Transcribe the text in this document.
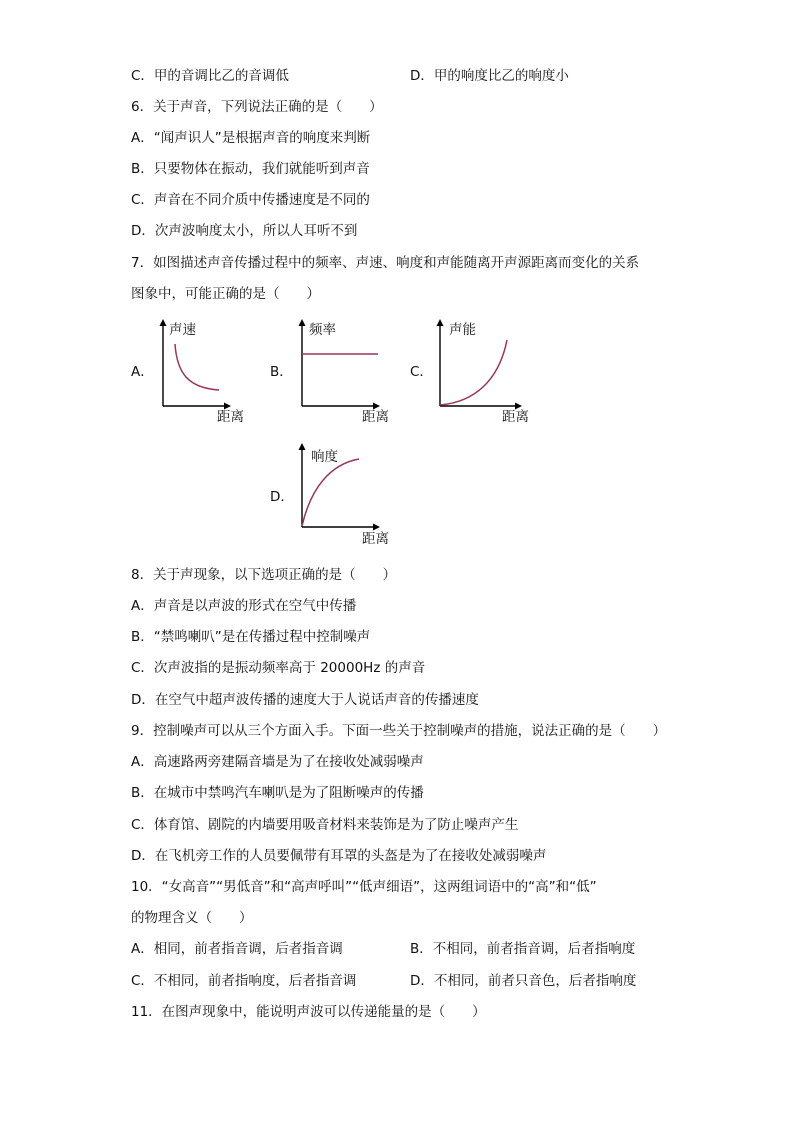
C．甲的音调比乙的音调低	D．甲的响度比乙的响度小
6．关于声音，下列说法正确的是（　　）
A．“闻声识人”是根据声音的响度来判断
B．只要物体在振动，我们就能听到声音
C．声音在不同介质中传播速度是不同的
D．次声波响度太小，所以人耳听不到
7．如图描述声音传播过程中的频率、声速、响度和声能随离开声源距离而变化的关系
图象中，可能正确的是（　　）
A．
声速
距离
B．
频率
距离
C．
声能
距离
D．
响度
距离
8．关于声现象，以下选项正确的是（　　）
A．声音是以声波的形式在空气中传播
B．“禁鸣喇叭”是在传播过程中控制噪声
C．次声波指的是振动频率高于 20000Hz 的声音
D．在空气中超声波传播的速度大于人说话声音的传播速度
9．控制噪声可以从三个方面入手。下面一些关于控制噪声的措施，说法正确的是（　　）
A．高速路两旁建隔音墙是为了在接收处减弱噪声
B．在城市中禁鸣汽车喇叭是为了阻断噪声的传播
C．体育馆、剧院的内墙要用吸音材料来装饰是为了防止噪声产生
D．在飞机旁工作的人员要佩带有耳罩的头盔是为了在接收处减弱噪声
10．“女高音”“男低音”和“高声呼叫”“低声细语”，这两组词语中的“高”和“低”
的物理含义（　　）
A．相同，前者指音调，后者指音调	B．不相同，前者指音调，后者指响度
C．不相同，前者指响度，后者指音调	D．不相同，前者只音色，后者指响度
11．在图声现象中，能说明声波可以传递能量的是（　　）
